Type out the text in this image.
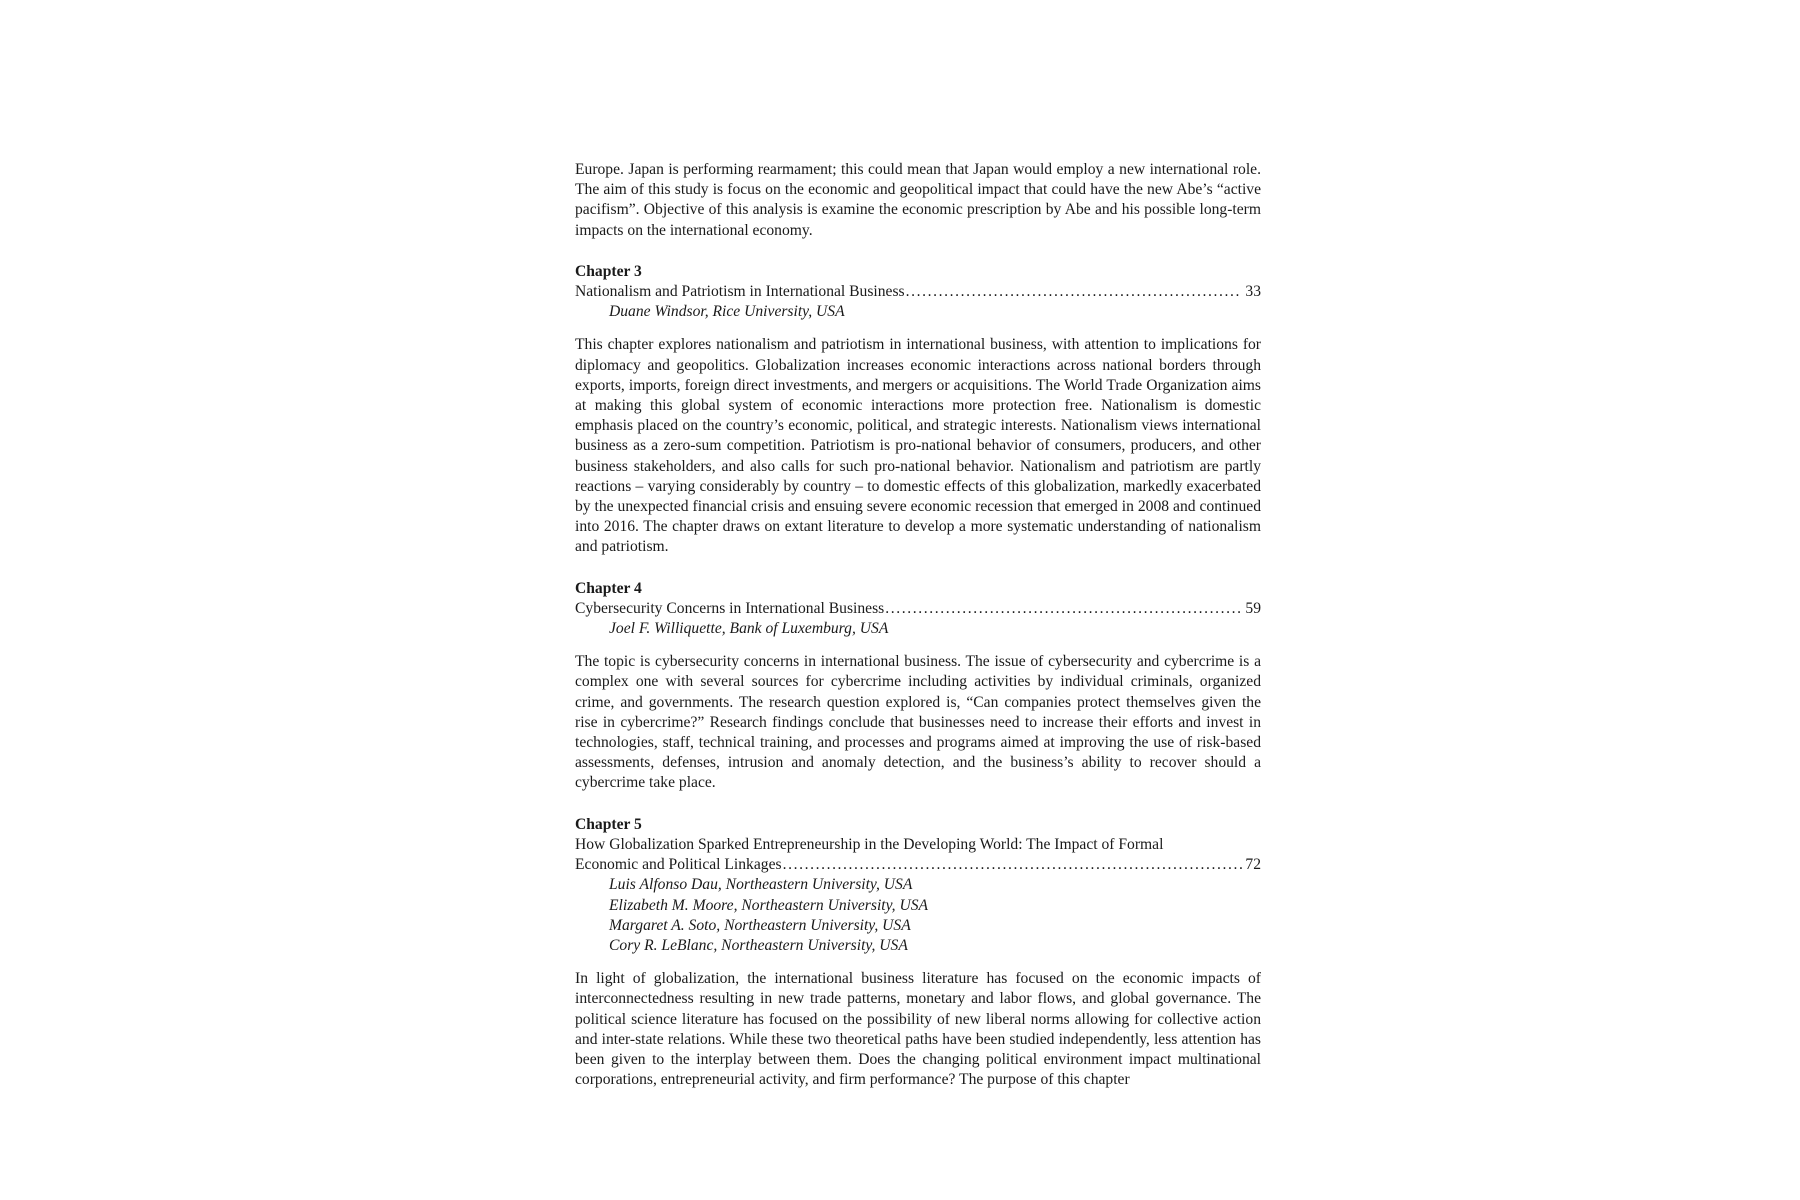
Europe. Japan is performing rearmament; this could mean that Japan would employ a new international role. The aim of this study is focus on the economic and geopolitical impact that could have the new Abe’s “active pacifism”. Objective of this analysis is examine the economic prescription by Abe and his possible long-term impacts on the international economy.

Chapter 3

Nationalism and Patriotism in International Business .....	33

Duane Windsor, Rice University, USA

This chapter explores nationalism and patriotism in international business, with attention to implications for diplomacy and geopolitics. Globalization increases economic interactions across national borders through exports, imports, foreign direct investments, and mergers or acquisitions. The World Trade Organization aims at making this global system of economic interactions more protection free. Nationalism is domestic emphasis placed on the country’s economic, political, and strategic interests. Nationalism views international business as a zero-sum competition. Patriotism is pro-national behavior of consumers, producers, and other business stakeholders, and also calls for such pro-national behavior. Nationalism and patriotism are partly reactions – varying considerably by country – to domestic effects of this globalization, markedly exacerbated by the unexpected financial crisis and ensuing severe economic recession that emerged in 2008 and continued into 2016. The chapter draws on extant literature to develop a more systematic understanding of nationalism and patriotism.

Chapter 4

Cybersecurity Concerns in International Business .....	59

Joel F. Williquette, Bank of Luxemburg, USA

The topic is cybersecurity concerns in international business. The issue of cybersecurity and cybercrime is a complex one with several sources for cybercrime including activities by individual criminals, organized crime, and governments. The research question explored is, “Can companies protect themselves given the rise in cybercrime?” Research findings conclude that businesses need to increase their efforts and invest in technologies, staff, technical training, and processes and programs aimed at improving the use of risk-based assessments, defenses, intrusion and anomaly detection, and the business’s ability to recover should a cybercrime take place.

Chapter 5

How Globalization Sparked Entrepreneurship in the Developing World: The Impact of Formal

Economic and Political Linkages .....	72

Luis Alfonso Dau, Northeastern University, USA

Elizabeth M. Moore, Northeastern University, USA

Margaret A. Soto, Northeastern University, USA

Cory R. LeBlanc, Northeastern University, USA

In light of globalization, the international business literature has focused on the economic impacts of interconnectedness resulting in new trade patterns, monetary and labor flows, and global governance. The political science literature has focused on the possibility of new liberal norms allowing for collective action and inter-state relations. While these two theoretical paths have been studied independently, less attention has been given to the interplay between them. Does the changing political environment impact multinational corporations, entrepreneurial activity, and firm performance? The purpose of this chapter
